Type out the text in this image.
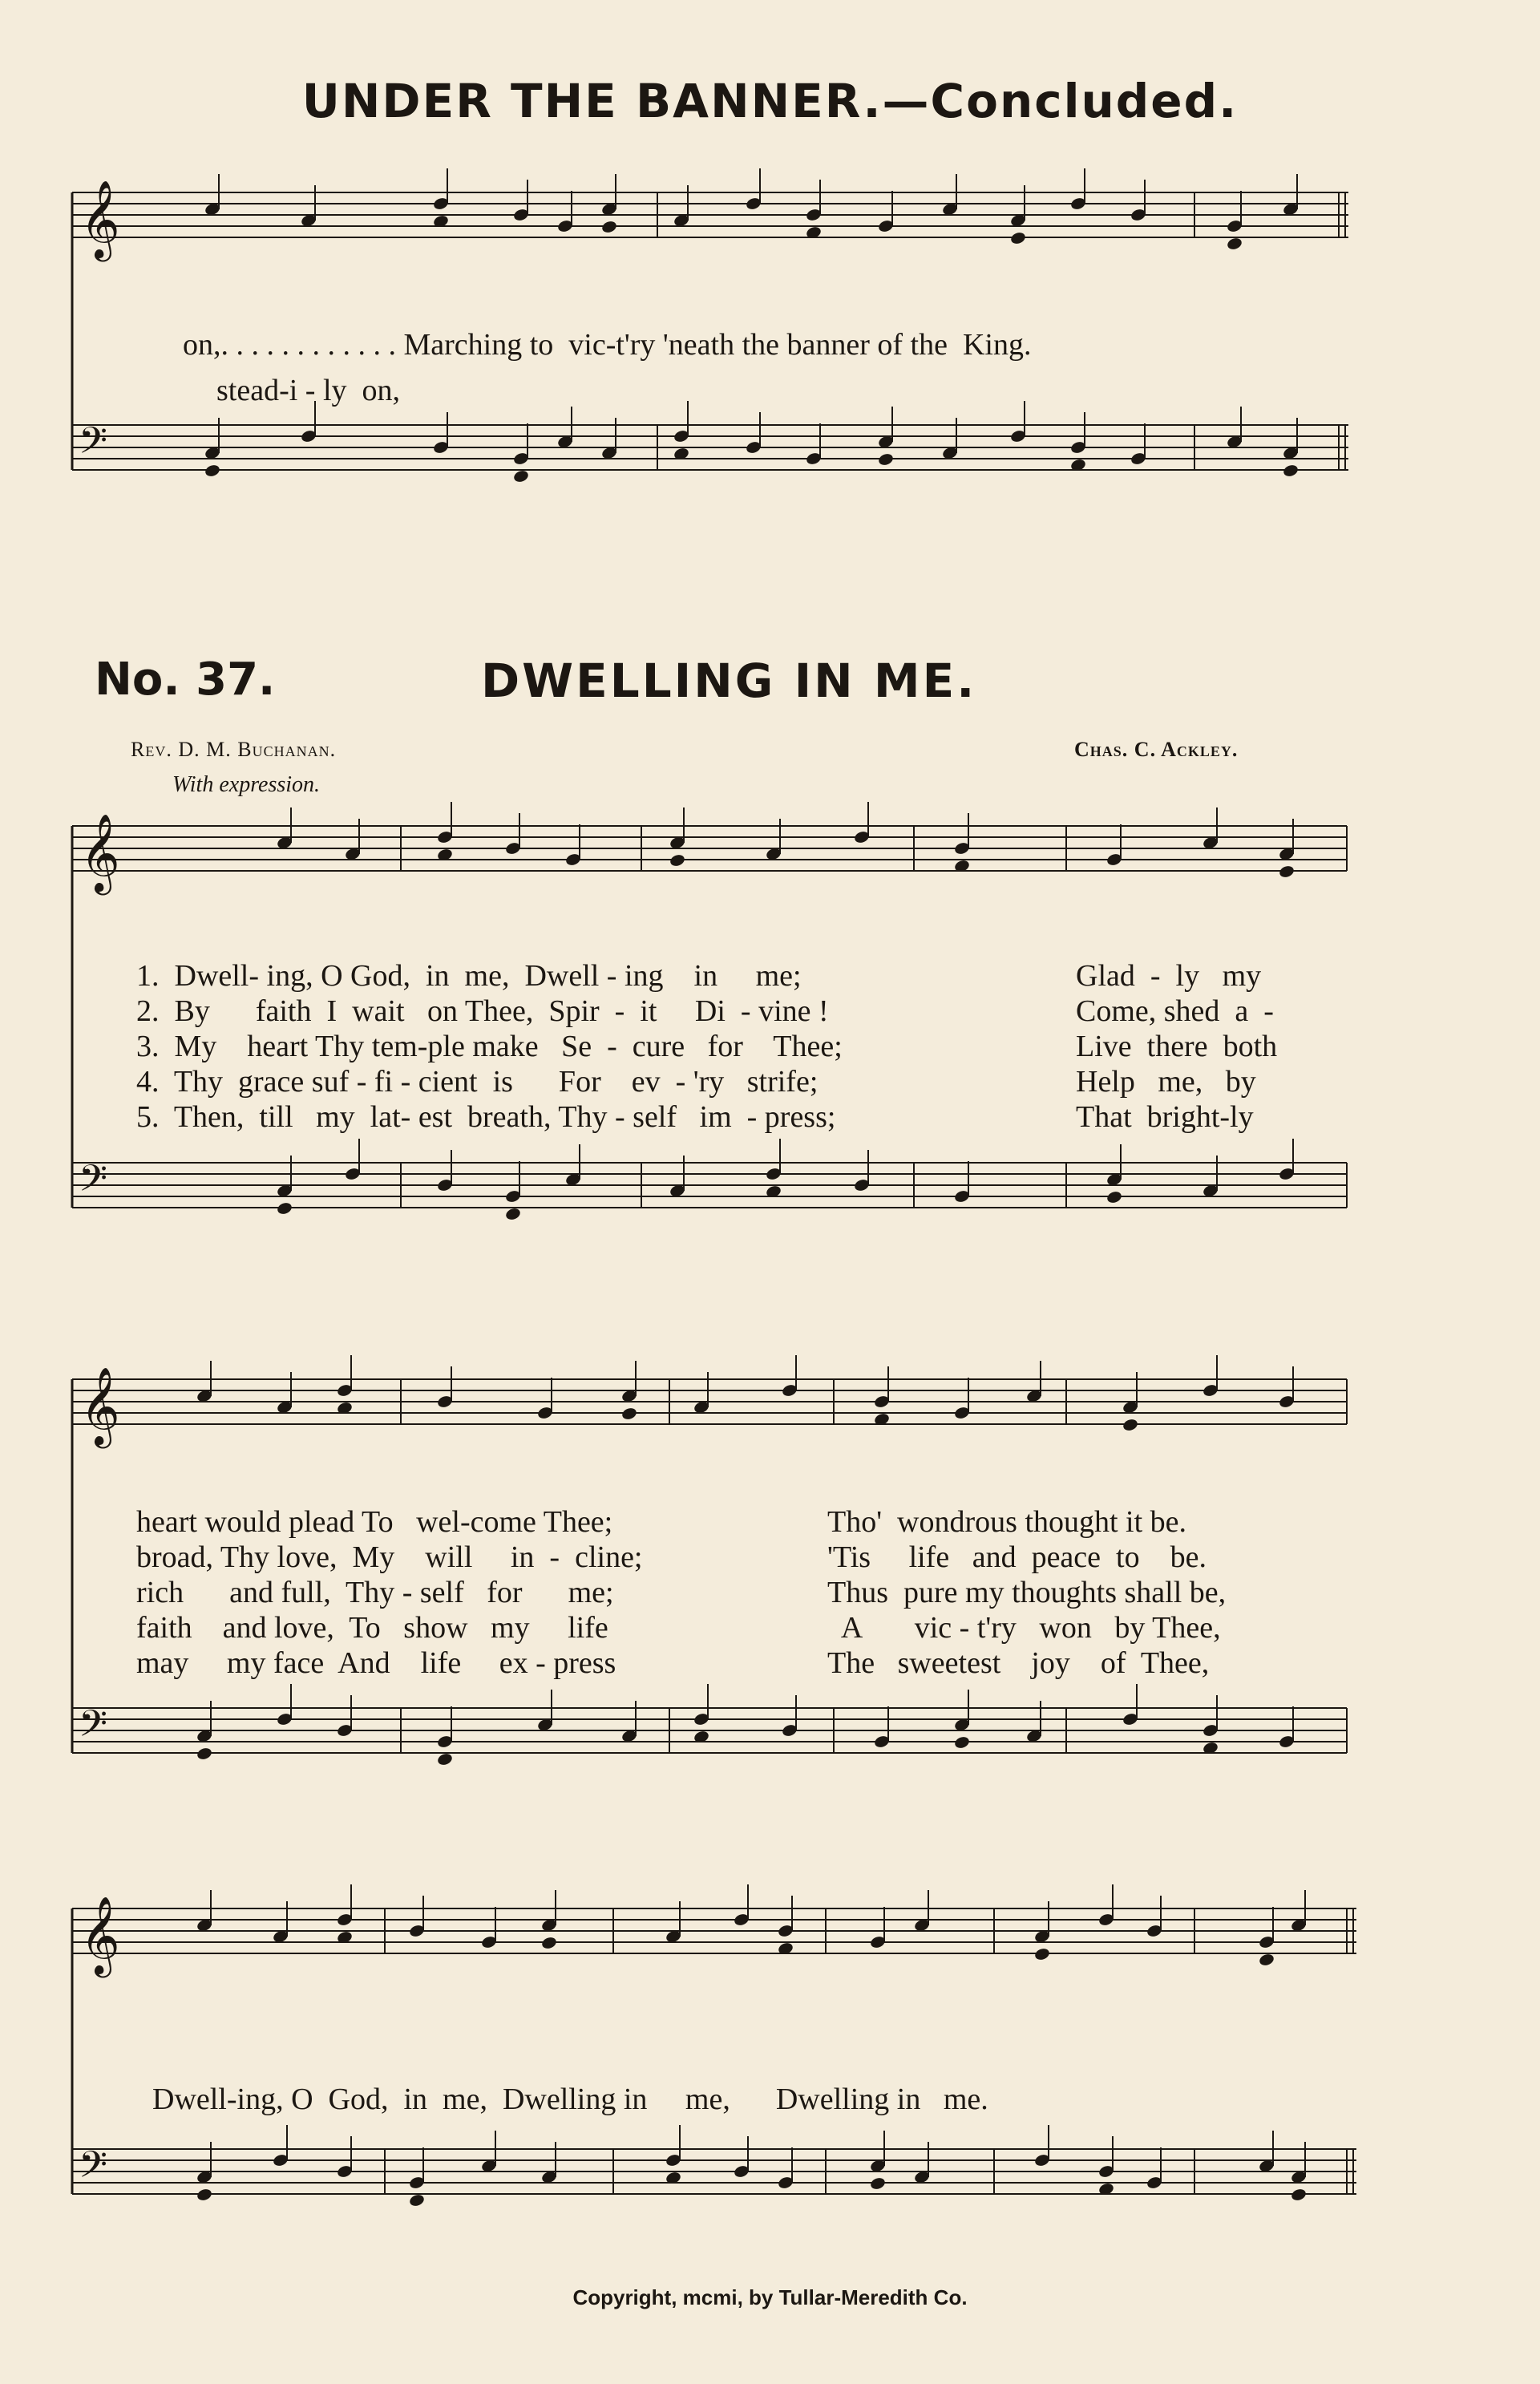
UNDER THE BANNER.—Concluded.
𝄞
𝄢
on,. . . . . . . . . . . . Marching to  vic-t'ry 'neath the banner of the  King.
stead-i - ly  on,
No. 37.	DWELLING IN ME.
Rev. D. M. Buchanan.	Chas. C. Ackley.
With expression.
𝄞
𝄢
1.  Dwell- ing, O God,  in  me,  Dwell - ing    in     me;
2.  By      faith  I  wait   on Thee,  Spir  -  it     Di  - vine !
3.  My    heart Thy tem-ple make   Se  -  cure   for    Thee;
4.  Thy  grace suf - fi - cient  is      For    ev  - 'ry   strife;
5.  Then,  till   my  lat- est  breath, Thy - self   im  - press;
Glad  -  ly   my
Come, shed  a  -
Live  there  both
Help   me,   by
That  bright-ly
𝄞
𝄢
heart would plead To   wel-come Thee;
broad, Thy love,  My    will     in  -  cline;
rich      and full,  Thy - self   for      me;
faith    and love,  To   show   my     life
may     my face  And    life     ex - press
Tho'  wondrous thought it be.
'Tis     life   and  peace  to    be.
Thus  pure my thoughts shall be,
A       vic - t'ry   won   by Thee,
The   sweetest    joy    of  Thee,
𝄞
𝄢
Dwell-ing, O  God,  in  me,  Dwelling in     me,      Dwelling in   me.
Copyright, mcmi, by Tullar-Meredith Co.
